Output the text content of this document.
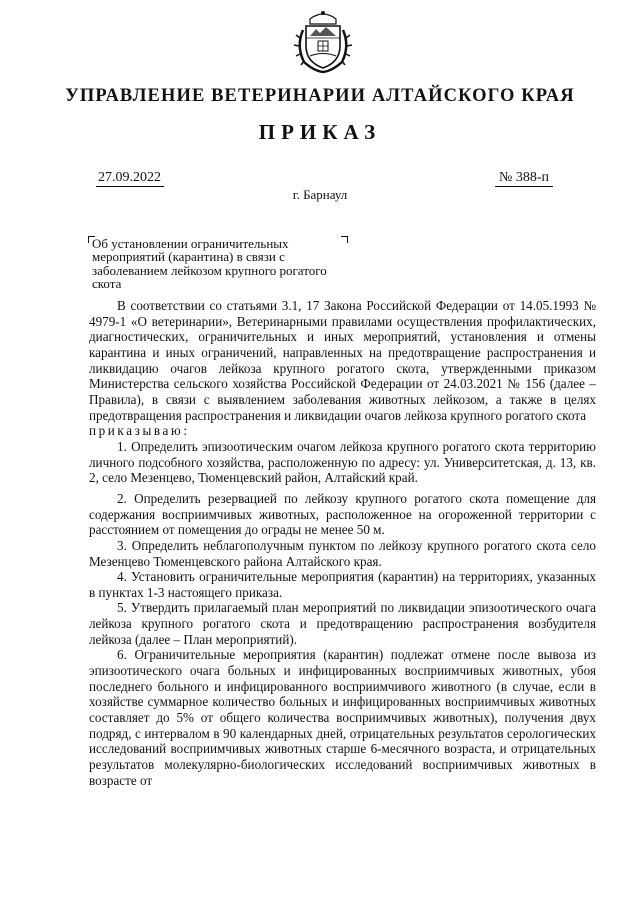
УПРАВЛЕНИЕ ВЕТЕРИНАРИИ АЛТАЙСКОГО КРАЯ
ПРИКАЗ
27.09.2022	№ 388-п
г. Барнаул
Об установлении ограничительных мероприятий (карантина) в связи с заболеванием лейкозом крупного рогатого скота

В соответствии со статьями 3.1, 17 Закона Российской Федерации от 14.05.1993 № 4979-1 «О ветеринарии», Ветеринарными правилами осуществления профилактических, диагностических, ограничительных и иных мероприятий, установления и отмены карантина и иных ограничений, направленных на предотвращение распространения и ликвидацию очагов лейкоза крупного рогатого скота, утвержденными приказом Министерства сельского хозяйства Российской Федерации от 24.03.2021 № 156 (далее – Правила), в связи с выявлением заболевания животных лейкозом, а также в целях предотвращения распространения и ликвидации очагов лейкоза крупного рогатого скота

приказываю:

1. Определить эпизоотическим очагом лейкоза крупного рогатого скота территорию личного подсобного хозяйства, расположенную по адресу: ул. Университетская, д. 13, кв. 2, село Мезенцево, Тюменцевский район, Алтайский край.

2. Определить резервацией по лейкозу крупного рогатого скота помещение для содержания восприимчивых животных, расположенное на огороженной территории с расстоянием от помещения до ограды не менее 50 м.

3. Определить неблагополучным пунктом по лейкозу крупного рогатого скота село Мезенцево Тюменцевского района Алтайского края.

4. Установить ограничительные мероприятия (карантин) на территориях, указанных в пунктах 1-3 настоящего приказа.

5. Утвердить прилагаемый план мероприятий по ликвидации эпизоотического очага лейкоза крупного рогатого скота и предотвращению распространения возбудителя лейкоза (далее – План мероприятий).

6. Ограничительные мероприятия (карантин) подлежат отмене после вывоза из эпизоотического очага больных и инфицированных восприимчивых животных, убоя последнего больного и инфицированного восприимчивого животного (в случае, если в хозяйстве суммарное количество больных и инфицированных восприимчивых животных составляет до 5% от общего количества восприимчивых животных), получения двух подряд, с интервалом в 90 календарных дней, отрицательных результатов серологических исследований восприимчивых животных старше 6-месячного возраста, и отрицательных результатов молекулярно-биологических исследований восприимчивых животных в возрасте от
